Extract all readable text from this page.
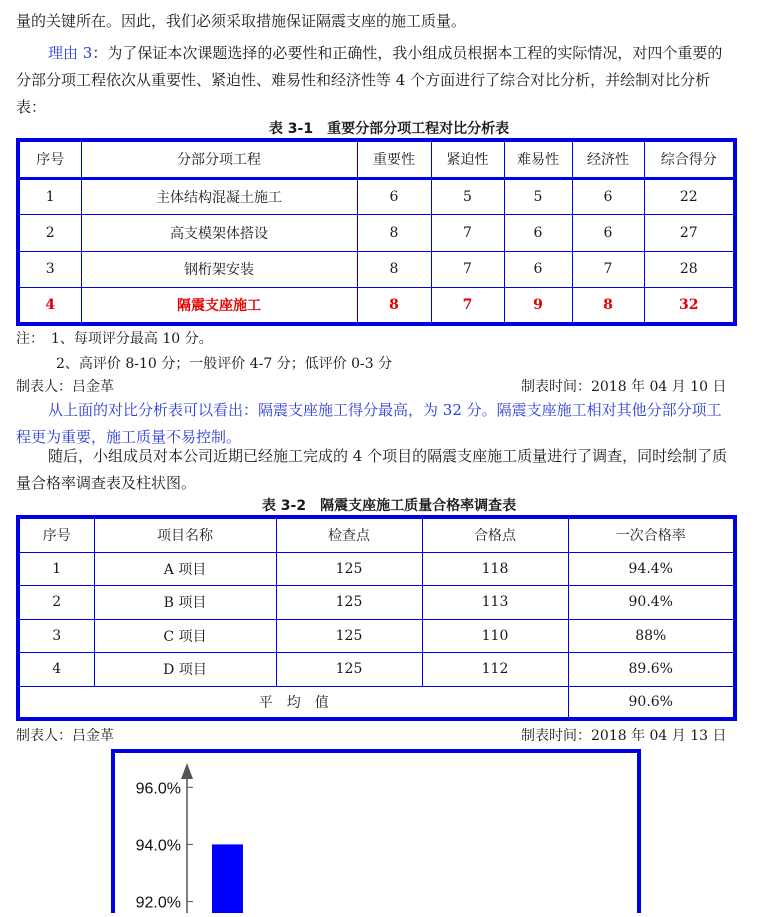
量的关键所在。因此，我们必须采取措施保证隔震支座的施工质量。

理由 3：为了保证本次课题选择的必要性和正确性，我小组成员根据本工程的实际情况，对四个重要的分部分项工程依次从重要性、紧迫性、难易性和经济性等 4 个方面进行了综合对比分析，并绘制对比分析表：

表 3-1　重要分部分项工程对比分析表
序号	分部分项工程	重要性	紧迫性	难易性	经济性	综合得分
1	主体结构混凝土施工	6	5	5	6	22
2	高支模架体搭设	8	7	6	6	27
3	钢桁架安装	8	7	6	7	28
4	隔震支座施工	8	7	9	8	32
注：　1、每项评分最高 10 分。
2、高评价 8-10 分；一般评价 4-7 分；低评价 0-3 分
制表人：吕金革	制表时间：2018 年 04 月 10 日

从上面的对比分析表可以看出：隔震支座施工得分最高，为 32 分。隔震支座施工相对其他分部分项工程更为重要，施工质量不易控制。

随后，小组成员对本公司近期已经施工完成的 4 个项目的隔震支座施工质量进行了调查，同时绘制了质量合格率调查表及柱状图。

表 3-2　隔震支座施工质量合格率调查表
序号	项目名称	检查点	合格点	一次合格率
1	A 项目	125	118	94.4%
2	B 项目	125	113	90.4%
3	C 项目	125	110	88%
4	D 项目	125	112	89.6%
平　均　值				90.6%
制表人：吕金革	制表时间：2018 年 04 月 13 日
96.0%
94.0%
92.0%
